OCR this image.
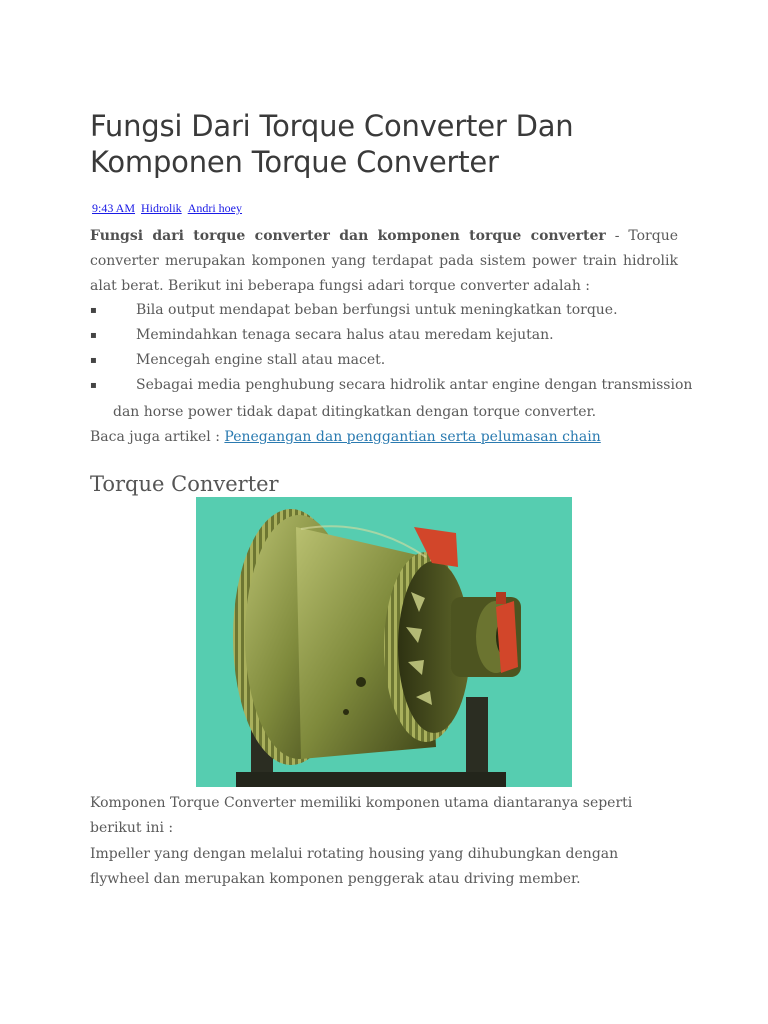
Fungsi Dari Torque Converter Dan Komponen Torque Converter
9:43 AM Hidrolik Andri hoey

Fungsi dari torque converter dan komponen torque converter - Torque converter merupakan komponen yang terdapat pada sistem power train hidrolik alat berat. Berikut ini beberapa fungsi adari torque converter adalah :

▪	Bila output mendapat beban berfungsi untuk meningkatkan torque.
▪	Memindahkan tenaga secara halus atau meredam kejutan.
▪	Mencegah engine stall atau macet.
▪	Sebagai media penghubung secara hidrolik antar engine dengan transmission
dan horse power tidak dapat ditingkatkan dengan torque converter.
Baca juga artikel : Penegangan dan penggantian serta pelumasan chain
Torque Converter

Komponen Torque Converter memiliki komponen utama diantaranya seperti berikut ini :

Impeller yang dengan melalui rotating housing yang dihubungkan dengan flywheel dan merupakan komponen penggerak atau driving member.
